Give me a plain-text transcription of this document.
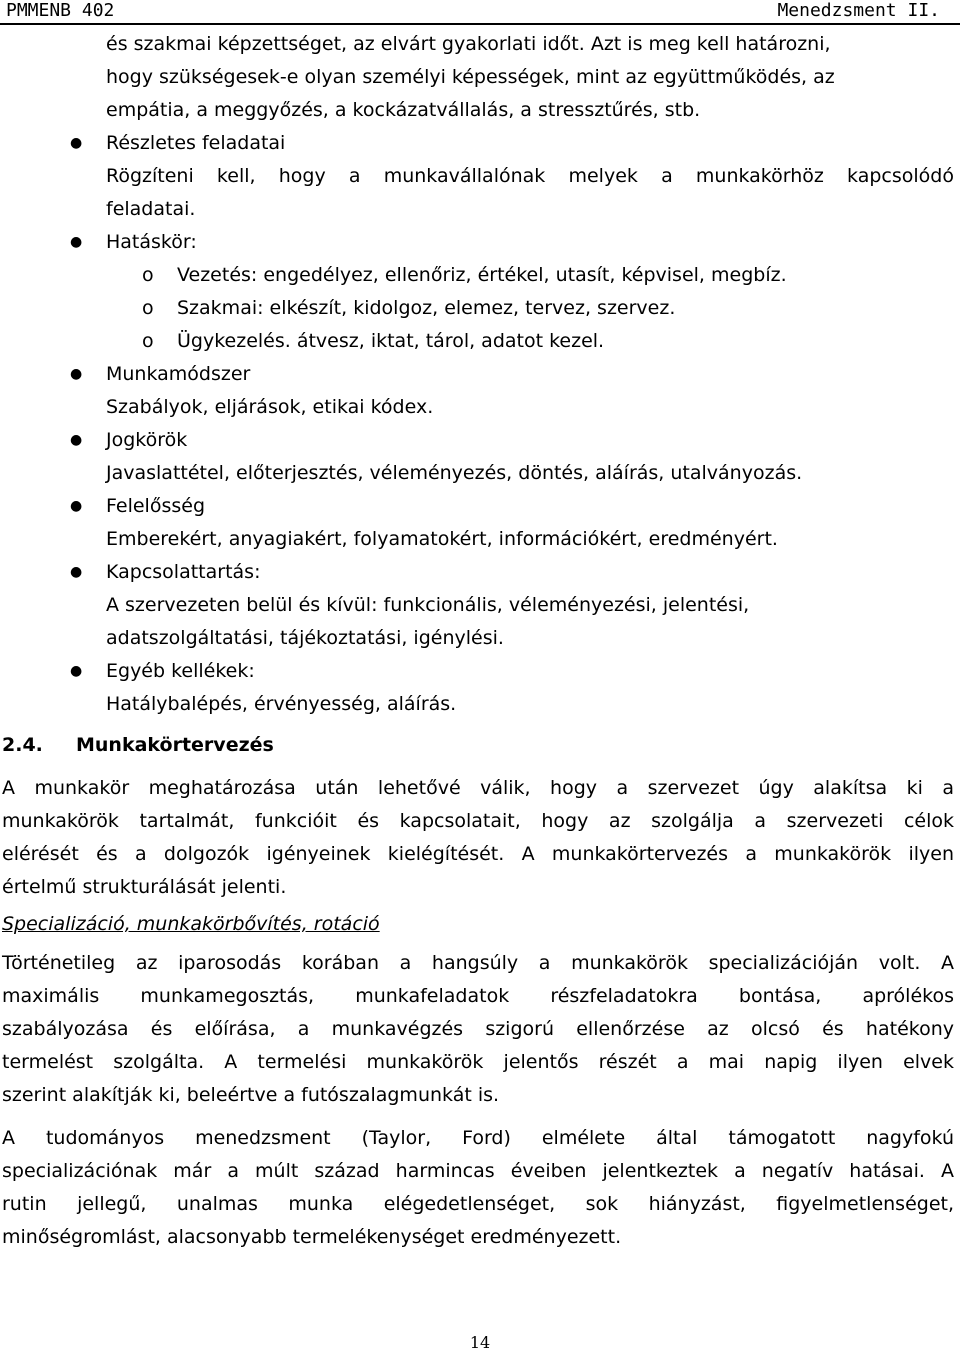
PMMENB 402	Menedzsment II.
és szakmai képzettséget, az elvárt gyakorlati időt. Azt is meg kell határozni,
hogy szükségesek-e olyan személyi képességek, mint az együttműködés, az
empátia, a meggyőzés, a kockázatvállalás, a stressztűrés, stb.
● Részletes feladatai
Rögzíteni kell, hogy a munkavállalónak melyek a munkakörhöz kapcsolódó
feladatai.
● Hatáskör:
o Vezetés: engedélyez, ellenőriz, értékel, utasít, képvisel, megbíz.
o Szakmai: elkészít, kidolgoz, elemez, tervez, szervez.
o Ügykezelés. átvesz, iktat, tárol, adatot kezel.
● Munkamódszer
Szabályok, eljárások, etikai kódex.
● Jogkörök
Javaslattétel, előterjesztés, véleményezés, döntés, aláírás, utalványozás.
● Felelősség
Emberekért, anyagiakért, folyamatokért, információkért, eredményért.
● Kapcsolattartás:
A szervezeten belül és kívül: funkcionális, véleményezési, jelentési,
adatszolgáltatási, tájékoztatási, igénylési.
● Egyéb kellékek:
Hatálybalépés, érvényesség, aláírás.
2.4. Munkakörtervezés
A munkakör meghatározása után lehetővé válik, hogy a szervezet úgy alakítsa ki a
munkakörök tartalmát, funkcióit és kapcsolatait, hogy az szolgálja a szervezeti célok
elérését és a dolgozók igényeinek kielégítését. A munkakörtervezés a munkakörök ilyen
értelmű strukturálását jelenti.
Specializáció, munkakörbővítés, rotáció
Történetileg az iparosodás korában a hangsúly a munkakörök specializációján volt. A
maximális munkamegosztás, munkafeladatok részfeladatokra bontása, aprólékos
szabályozása és előírása, a munkavégzés szigorú ellenőrzése az olcsó és hatékony
termelést szolgálta. A termelési munkakörök jelentős részét a mai napig ilyen elvek
szerint alakítják ki, beleértve a futószalagmunkát is.
A tudományos menedzsment (Taylor, Ford) elmélete által támogatott nagyfokú
specializációnak már a múlt század harmincas éveiben jelentkeztek a negatív hatásai. A
rutin jellegű, unalmas munka elégedetlenséget, sok hiányzást, figyelmetlenséget,
minőségromlást, alacsonyabb termelékenységet eredményezett.
14
